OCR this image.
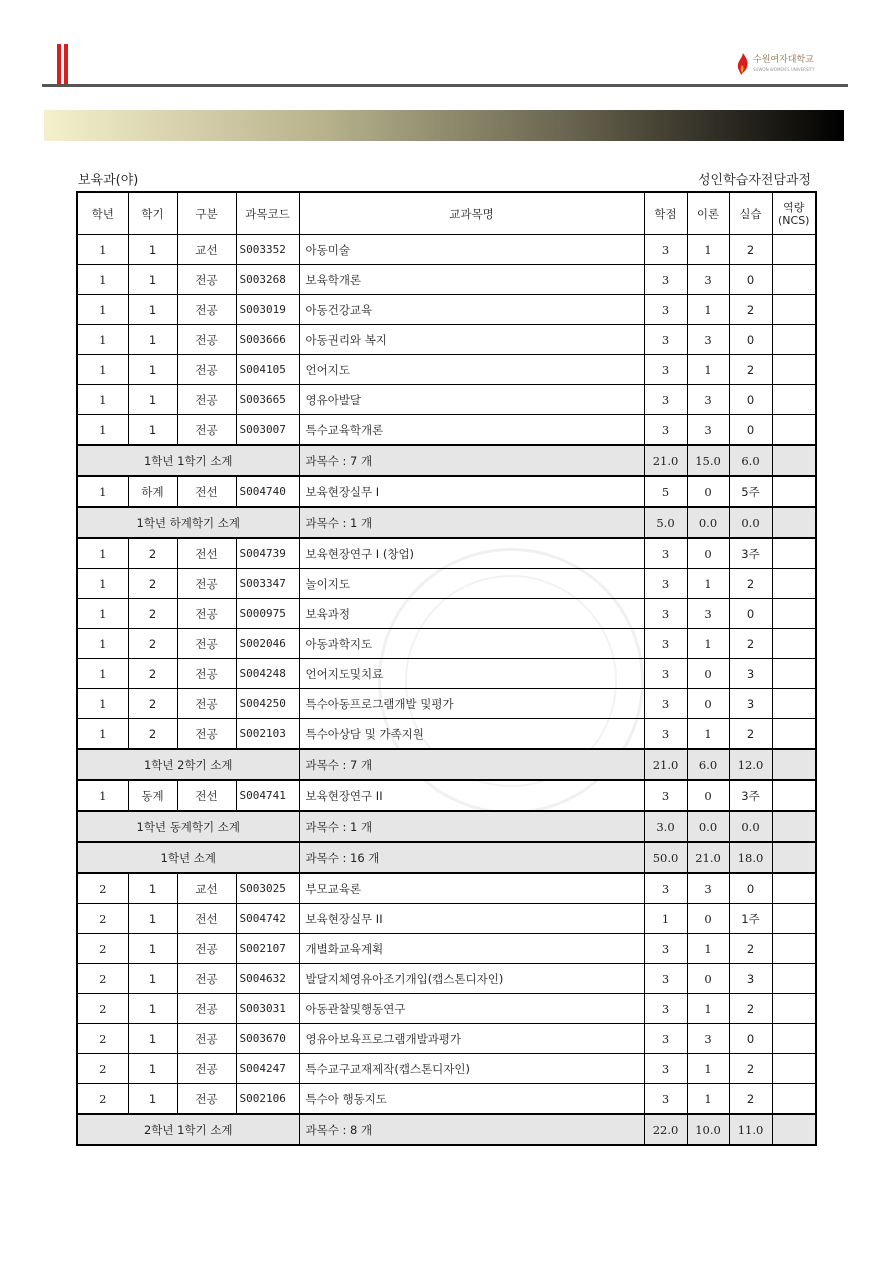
수원여자대학교
SUWON WOMEN'S UNIVERSITY
보육과(야)	성인학습자전담과정
학년	학기	구분	과목코드	교과목명	학점	이론	실습	역량
(NCS)

1	1	교선	S003352	아동미술	3	1	2	
1	1	전공	S003268	보육학개론	3	3	0	
1	1	전공	S003019	아동건강교육	3	1	2	
1	1	전공	S003666	아동권리와 복지	3	3	0	
1	1	전공	S004105	언어지도	3	1	2	
1	1	전공	S003665	영유아발달	3	3	0	
1	1	전공	S003007	특수교육학개론	3	3	0	
1학년 1학기 소계				과목수 : 7 개	21.0	15.0	6.0	
1	하계	전선	S004740	보육현장실무 I	5	0	5주	
1학년 하계학기 소계				과목수 : 1 개	5.0	0.0	0.0	
1	2	전선	S004739	보육현장연구 I (창업)	3	0	3주	
1	2	전공	S003347	놀이지도	3	1	2	
1	2	전공	S000975	보육과정	3	3	0	
1	2	전공	S002046	아동과학지도	3	1	2	
1	2	전공	S004248	언어지도및치료	3	0	3	
1	2	전공	S004250	특수아동프로그램개발 및평가	3	0	3	
1	2	전공	S002103	특수아상담 및 가족지원	3	1	2	
1학년 2학기 소계				과목수 : 7 개	21.0	6.0	12.0	
1	동계	전선	S004741	보육현장연구 II	3	0	3주	
1학년 동계학기 소계				과목수 : 1 개	3.0	0.0	0.0	
1학년 소계				과목수 : 16 개	50.0	21.0	18.0	
2	1	교선	S003025	부모교육론	3	3	0	
2	1	전선	S004742	보육현장실무 II	1	0	1주	
2	1	전공	S002107	개별화교육계획	3	1	2	
2	1	전공	S004632	발달지체영유아조기개입(캡스톤디자인)	3	0	3	
2	1	전공	S003031	아동관찰및행동연구	3	1	2	
2	1	전공	S003670	영유아보육프로그램개발과평가	3	3	0	
2	1	전공	S004247	특수교구교재제작(캡스톤디자인)	3	1	2	
2	1	전공	S002106	특수아 행동지도	3	1	2	
2학년 1학기 소계				과목수 : 8 개	22.0	10.0	11.0	
